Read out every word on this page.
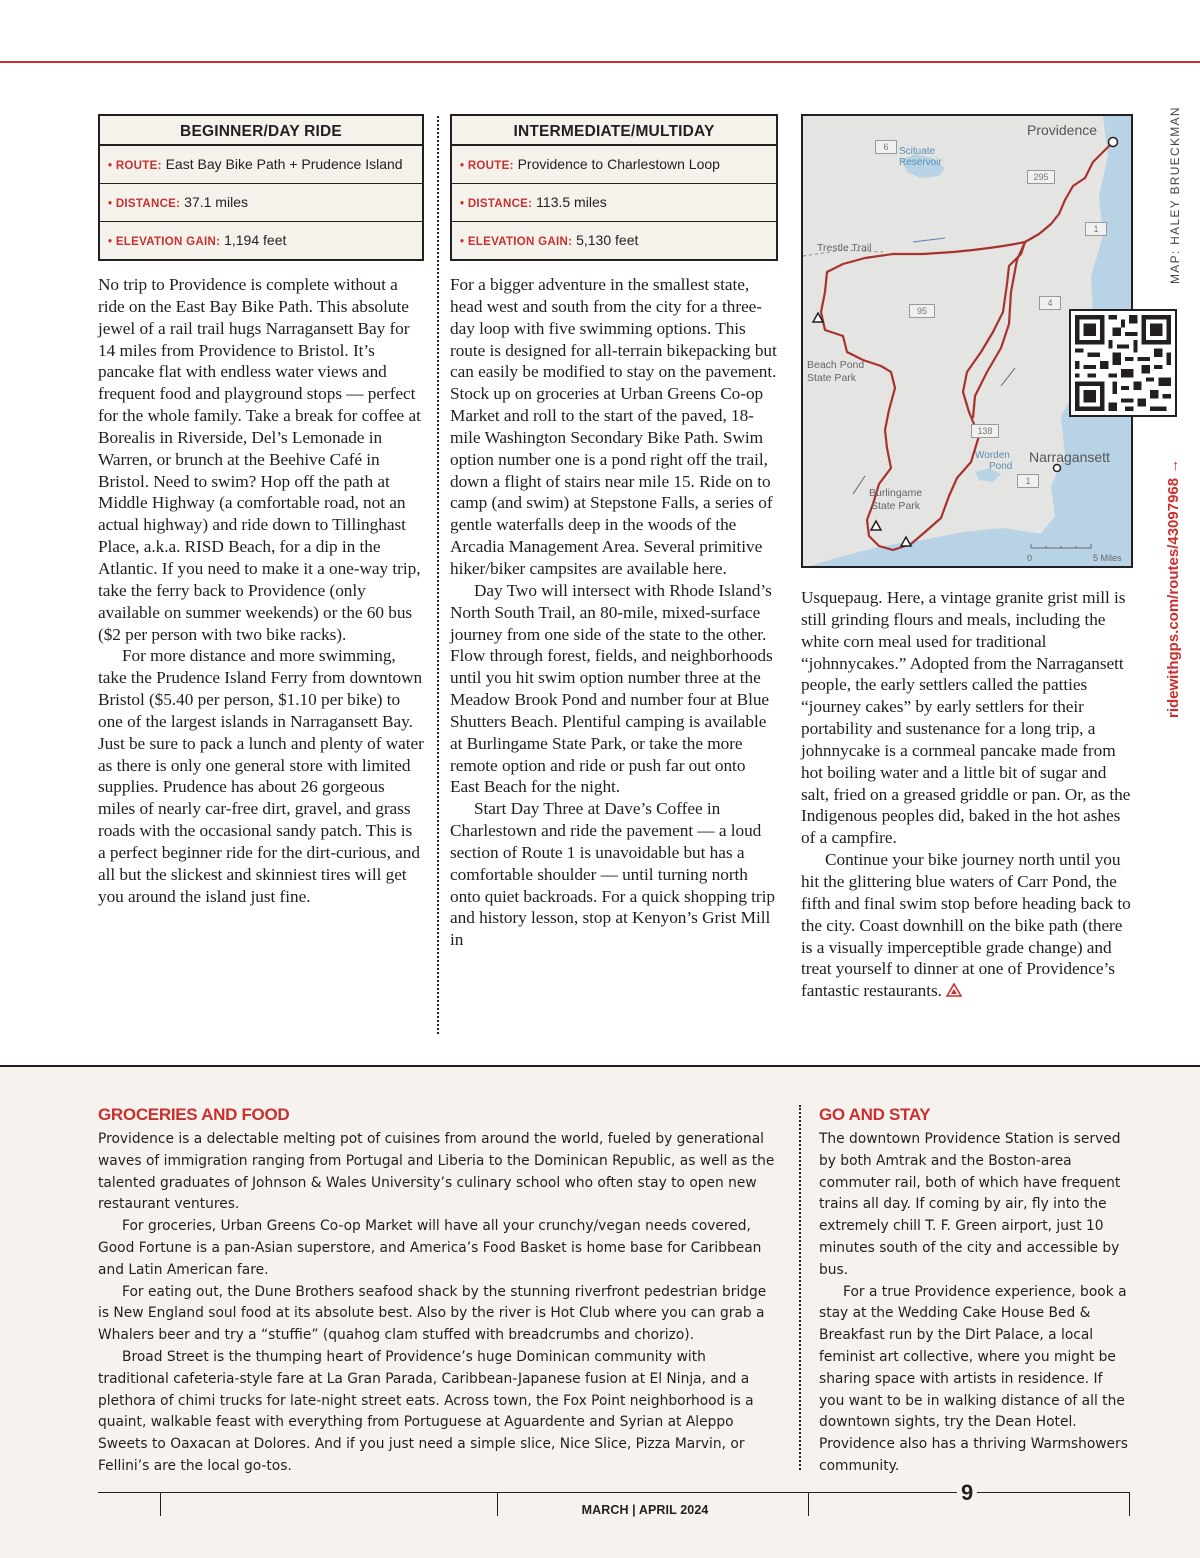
BEGINNER/DAY RIDE
• ROUTE: East Bay Bike Path + Prudence Island
• DISTANCE: 37.1 miles
• ELEVATION GAIN: 1,194 feet

No trip to Providence is complete without a ride on the East Bay Bike Path. This absolute jewel of a rail trail hugs Narragansett Bay for 14 miles from Providence to Bristol. It’s pancake flat with endless water views and frequent food and playground stops — perfect for the whole family. Take a break for coffee at Borealis in Riverside, Del’s Lemonade in Warren, or brunch at the Beehive Café in Bristol. Need to swim? Hop off the path at Middle Highway (a comfortable road, not an actual highway) and ride down to Tillinghast Place, a.k.a. RISD Beach, for a dip in the Atlantic. If you need to make it a one-way trip, take the ferry back to Providence (only available on summer weekends) or the 60 bus ($2 per person with two bike racks).

For more distance and more swimming, take the Prudence Island Ferry from downtown Bristol ($5.40 per person, $1.10 per bike) to one of the largest islands in Narragansett Bay. Just be sure to pack a lunch and plenty of water as there is only one general store with limited supplies. Prudence has about 26 gorgeous miles of nearly car-free dirt, gravel, and grass roads with the occasional sandy patch. This is a perfect beginner ride for the dirt-curious, and all but the slickest and skinniest tires will get you around the island just fine.

INTERMEDIATE/MULTIDAY
• ROUTE: Providence to Charlestown Loop
• DISTANCE: 113.5 miles
• ELEVATION GAIN: 5,130 feet

For a bigger adventure in the smallest state, head west and south from the city for a three-day loop with five swimming options. This route is designed for all-terrain bikepacking but can easily be modified to stay on the pavement. Stock up on groceries at Urban Greens Co-op Market and roll to the start of the paved, 18-mile Washington Secondary Bike Path. Swim option number one is a pond right off the trail, down a flight of stairs near mile 15. Ride on to camp (and swim) at Stepstone Falls, a series of gentle waterfalls deep in the woods of the Arcadia Management Area. Several primitive hiker/biker campsites are available here.

Day Two will intersect with Rhode Island’s North South Trail, an 80-mile, mixed-surface journey from one side of the state to the other. Flow through forest, fields, and neighborhoods until you hit swim option number three at the Meadow Brook Pond and number four at Blue Shutters Beach. Plentiful camping is available at Burlingame State Park, or take the more remote option and ride or push far out onto East Beach for the night.

Start Day Three at Dave’s Coffee in Charlestown and ride the pavement — a loud section of Route 1 is unavoidable but has a comfortable shoulder — until turning north onto quiet backroads. For a quick shopping trip and history lesson, stop at Kenyon’s Grist Mill in

Providence
Narragansett
Scituate Reservoir
Trestle Trail
Beach Pond
State Park
Worden
Pond
Burlingame
State Park
6
295
1
95
4
138
1
0	5 Miles

Usquepaug. Here, a vintage granite grist mill is still grinding flours and meals, including the white corn meal used for traditional “johnnycakes.” Adopted from the Narragansett people, the early settlers called the patties “journey cakes” by early settlers for their portability and sustenance for a long trip, a johnnycake is a cornmeal pancake made from hot boiling water and a little bit of sugar and salt, fried on a greased griddle or pan. Or, as the Indigenous peoples did, baked in the hot ashes of a campfire.

Continue your bike journey north until you hit the glittering blue waters of Carr Pond, the fifth and final swim stop before heading back to the city. Coast downhill on the bike path (there is a visually imperceptible grade change) and treat yourself to dinner at one of Providence’s fantastic restaurants.

MAP: HALEY BRUECKMAN
ridewithgps.com/routes/43097968 →
GROCERIES AND FOOD

Providence is a delectable melting pot of cuisines from around the world, fueled by generational waves of immigration ranging from Portugal and Liberia to the Dominican Republic, as well as the talented graduates of Johnson & Wales University’s culinary school who often stay to open new restaurant ventures.

For groceries, Urban Greens Co-op Market will have all your crunchy/vegan needs covered, Good Fortune is a pan-Asian superstore, and America’s Food Basket is home base for Caribbean and Latin American fare.

For eating out, the Dune Brothers seafood shack by the stunning riverfront pedestrian bridge is New England soul food at its absolute best. Also by the river is Hot Club where you can grab a Whalers beer and try a “stuffie” (quahog clam stuffed with breadcrumbs and chorizo).

Broad Street is the thumping heart of Providence’s huge Dominican community with traditional cafeteria-style fare at La Gran Parada, Caribbean-Japanese fusion at El Ninja, and a plethora of chimi trucks for late-night street eats. Across town, the Fox Point neighborhood is a quaint, walkable feast with everything from Portuguese at Aguardente and Syrian at Aleppo Sweets to Oaxacan at Dolores. And if you just need a simple slice, Nice Slice, Pizza Marvin, or Fellini’s are the local go-tos.

GO AND STAY

The downtown Providence Station is served by both Amtrak and the Boston-area commuter rail, both of which have frequent trains all day. If coming by air, fly into the extremely chill T. F. Green airport, just 10 minutes south of the city and accessible by bus.

For a true Providence experience, book a stay at the Wedding Cake House Bed & Breakfast run by the Dirt Palace, a local feminist art collective, where you might be sharing space with artists in residence. If you want to be in walking distance of all the downtown sights, try the Dean Hotel. Providence also has a thriving Warmshowers community.

9
MARCH | APRIL 2024
